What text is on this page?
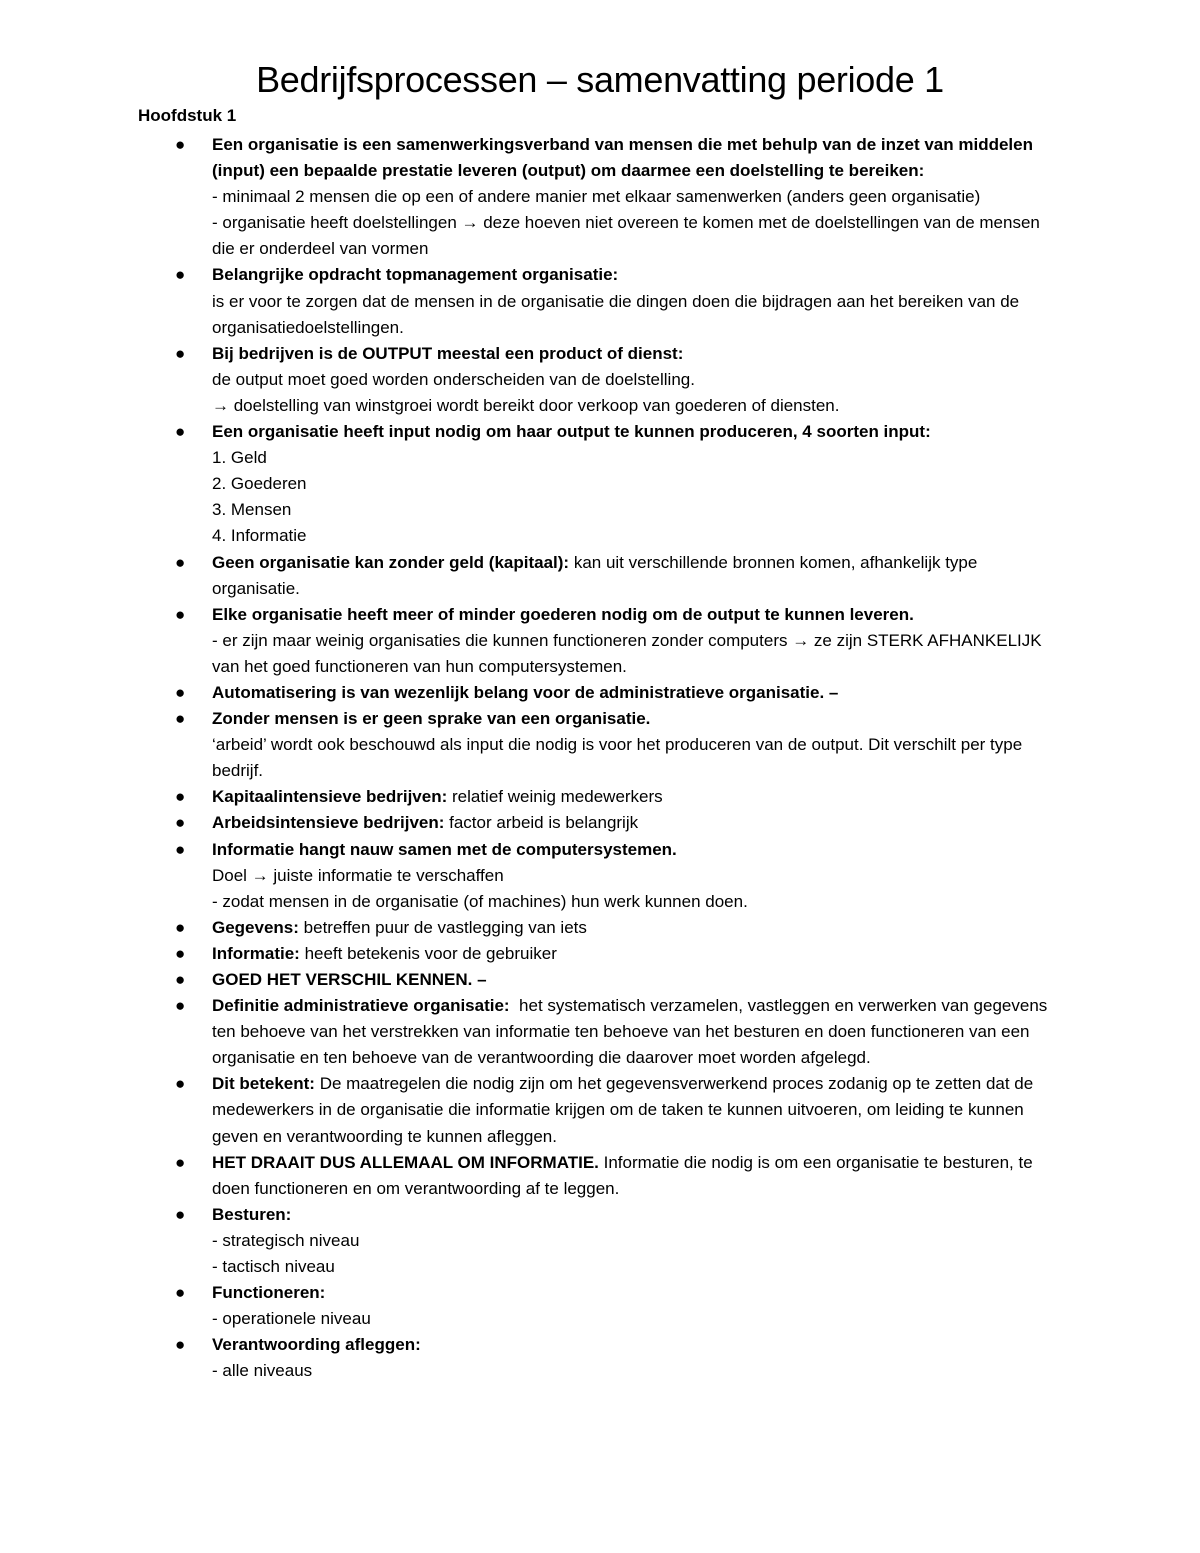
Bedrijfsprocessen – samenvatting periode 1
Hoofdstuk 1
● Een organisatie is een samenwerkingsverband van mensen die met behulp van de inzet van middelen (input) een bepaalde prestatie leveren (output) om daarmee een doelstelling te bereiken:
- minimaal 2 mensen die op een of andere manier met elkaar samenwerken (anders geen organisatie)
- organisatie heeft doelstellingen → deze hoeven niet overeen te komen met de doelstellingen van de mensen die er onderdeel van vormen
● Belangrijke opdracht topmanagement organisatie:
is er voor te zorgen dat de mensen in de organisatie die dingen doen die bijdragen aan het bereiken van de organisatiedoelstellingen.
● Bij bedrijven is de OUTPUT meestal een product of dienst:
de output moet goed worden onderscheiden van de doelstelling.
→ doelstelling van winstgroei wordt bereikt door verkoop van goederen of diensten.
● Een organisatie heeft input nodig om haar output te kunnen produceren, 4 soorten input:
1. Geld
2. Goederen
3. Mensen
4. Informatie
● Geen organisatie kan zonder geld (kapitaal): kan uit verschillende bronnen komen, afhankelijk type organisatie.
● Elke organisatie heeft meer of minder goederen nodig om de output te kunnen leveren.
- er zijn maar weinig organisaties die kunnen functioneren zonder computers → ze zijn STERK AFHANKELIJK van het goed functioneren van hun computersystemen.
● Automatisering is van wezenlijk belang voor de administratieve organisatie. –
● Zonder mensen is er geen sprake van een organisatie.
‘arbeid’ wordt ook beschouwd als input die nodig is voor het produceren van de output. Dit verschilt per type bedrijf.
● Kapitaalintensieve bedrijven: relatief weinig medewerkers
● Arbeidsintensieve bedrijven: factor arbeid is belangrijk
● Informatie hangt nauw samen met de computersystemen.
Doel → juiste informatie te verschaffen
- zodat mensen in de organisatie (of machines) hun werk kunnen doen.
● Gegevens: betreffen puur de vastlegging van iets
● Informatie: heeft betekenis voor de gebruiker
● GOED HET VERSCHIL KENNEN. –
● Definitie administratieve organisatie:  het systematisch verzamelen, vastleggen en verwerken van gegevens ten behoeve van het verstrekken van informatie ten behoeve van het besturen en doen functioneren van een organisatie en ten behoeve van de verantwoording die daarover moet worden afgelegd.
● Dit betekent: De maatregelen die nodig zijn om het gegevensverwerkend proces zodanig op te zetten dat de medewerkers in de organisatie die informatie krijgen om de taken te kunnen uitvoeren, om leiding te kunnen geven en verantwoording te kunnen afleggen.
● HET DRAAIT DUS ALLEMAAL OM INFORMATIE. Informatie die nodig is om een organisatie te besturen, te doen functioneren en om verantwoording af te leggen.
● Besturen:
- strategisch niveau
- tactisch niveau
● Functioneren:
- operationele niveau
● Verantwoording afleggen:
- alle niveaus
